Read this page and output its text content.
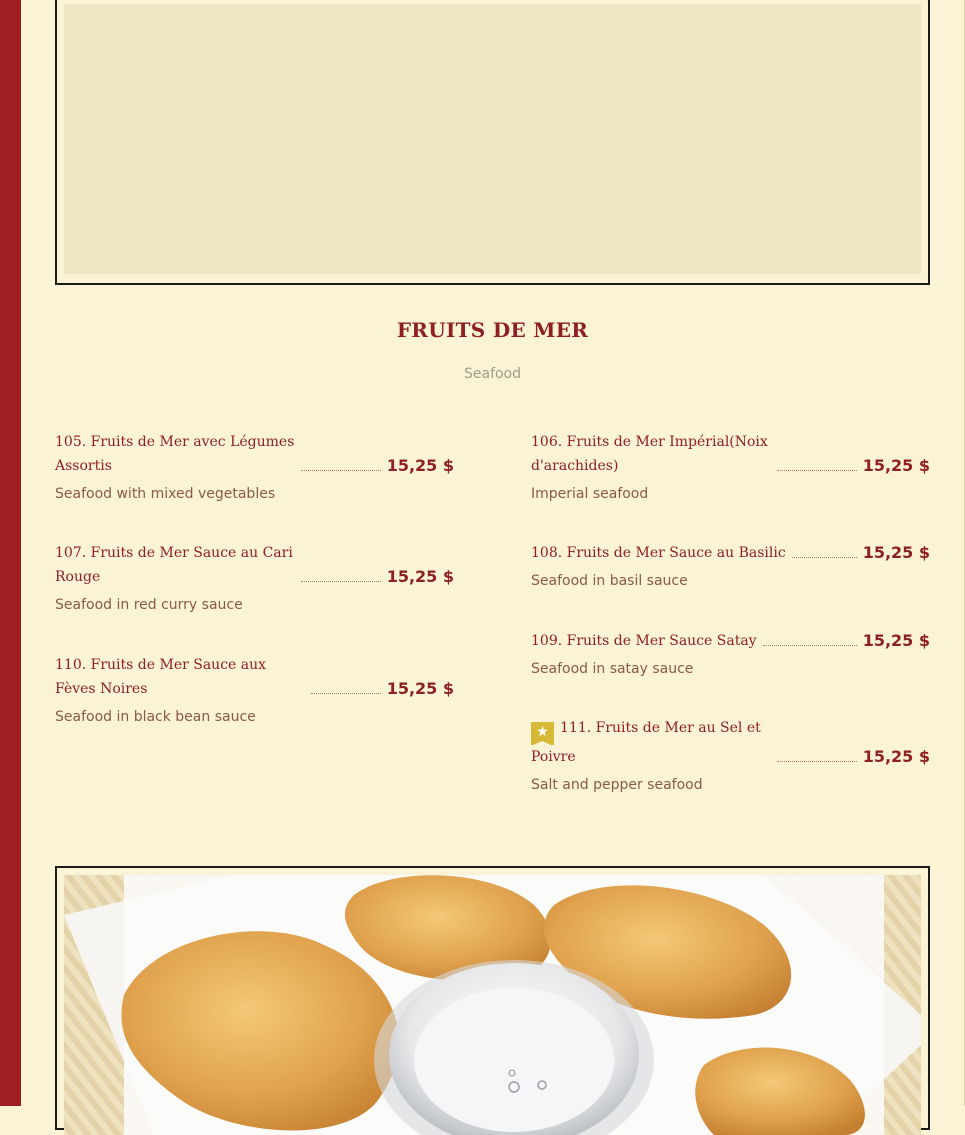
FRUITS DE MER
Seafood
105. Fruits de Mer avec Légumes Assortis	15,25 $
Seafood with mixed vegetables
107. Fruits de Mer Sauce au Cari Rouge	15,25 $
Seafood in red curry sauce
110. Fruits de Mer Sauce aux Fèves Noires	15,25 $
Seafood in black bean sauce
106. Fruits de Mer Impérial(Noix d'arachides)	15,25 $
Imperial seafood
108. Fruits de Mer Sauce au Basilic	15,25 $
Seafood in basil sauce
109. Fruits de Mer Sauce Satay	15,25 $
Seafood in satay sauce
★ 111. Fruits de Mer au Sel et Poivre	15,25 $
Salt and pepper seafood
